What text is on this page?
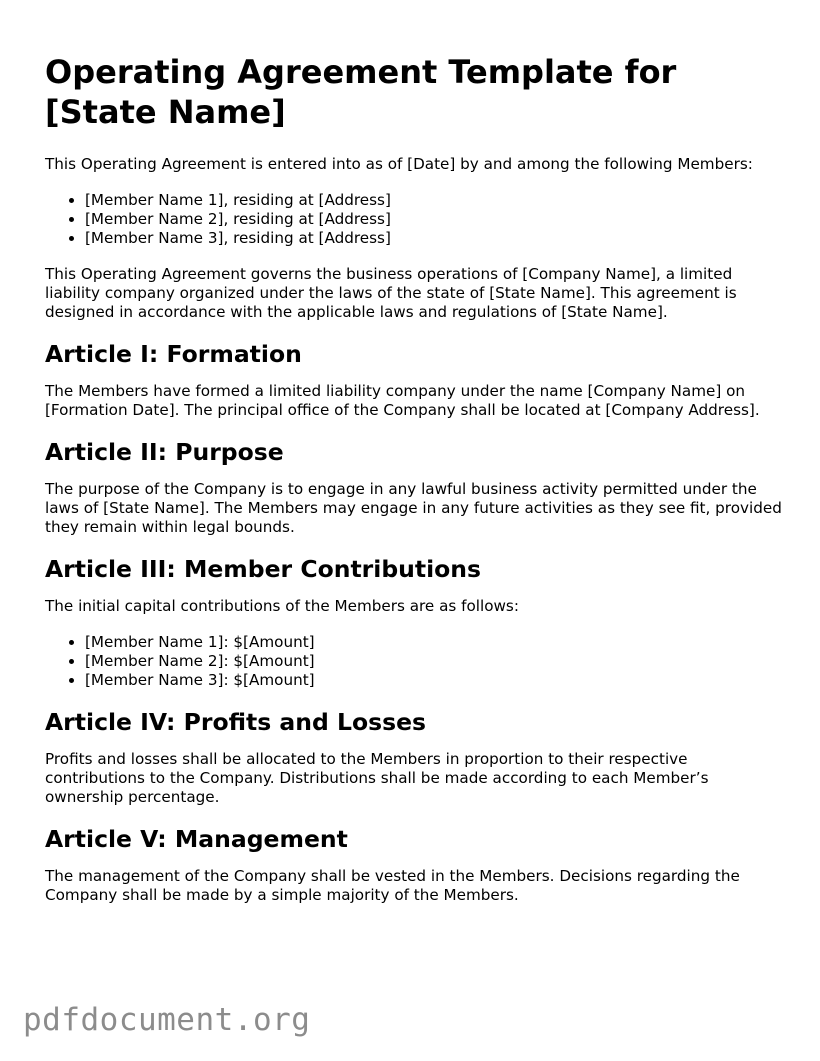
Operating Agreement Template for [State Name]

This Operating Agreement is entered into as of [Date] by and among the following Members:

• [Member Name 1], residing at [Address]
• [Member Name 2], residing at [Address]
• [Member Name 3], residing at [Address]

This Operating Agreement governs the business operations of [Company Name], a limited liability company organized under the laws of the state of [State Name]. This agreement is designed in accordance with the applicable laws and regulations of [State Name].

Article I: Formation

The Members have formed a limited liability company under the name [Company Name] on [Formation Date]. The principal office of the Company shall be located at [Company Address].

Article II: Purpose

The purpose of the Company is to engage in any lawful business activity permitted under the laws of [State Name]. The Members may engage in any future activities as they see fit, provided they remain within legal bounds.

Article III: Member Contributions

The initial capital contributions of the Members are as follows:

• [Member Name 1]: $[Amount]
• [Member Name 2]: $[Amount]
• [Member Name 3]: $[Amount]
Article IV: Profits and Losses

Profits and losses shall be allocated to the Members in proportion to their respective contributions to the Company. Distributions shall be made according to each Member’s ownership percentage.

Article V: Management

The management of the Company shall be vested in the Members. Decisions regarding the Company shall be made by a simple majority of the Members.

pdfdocument.org
